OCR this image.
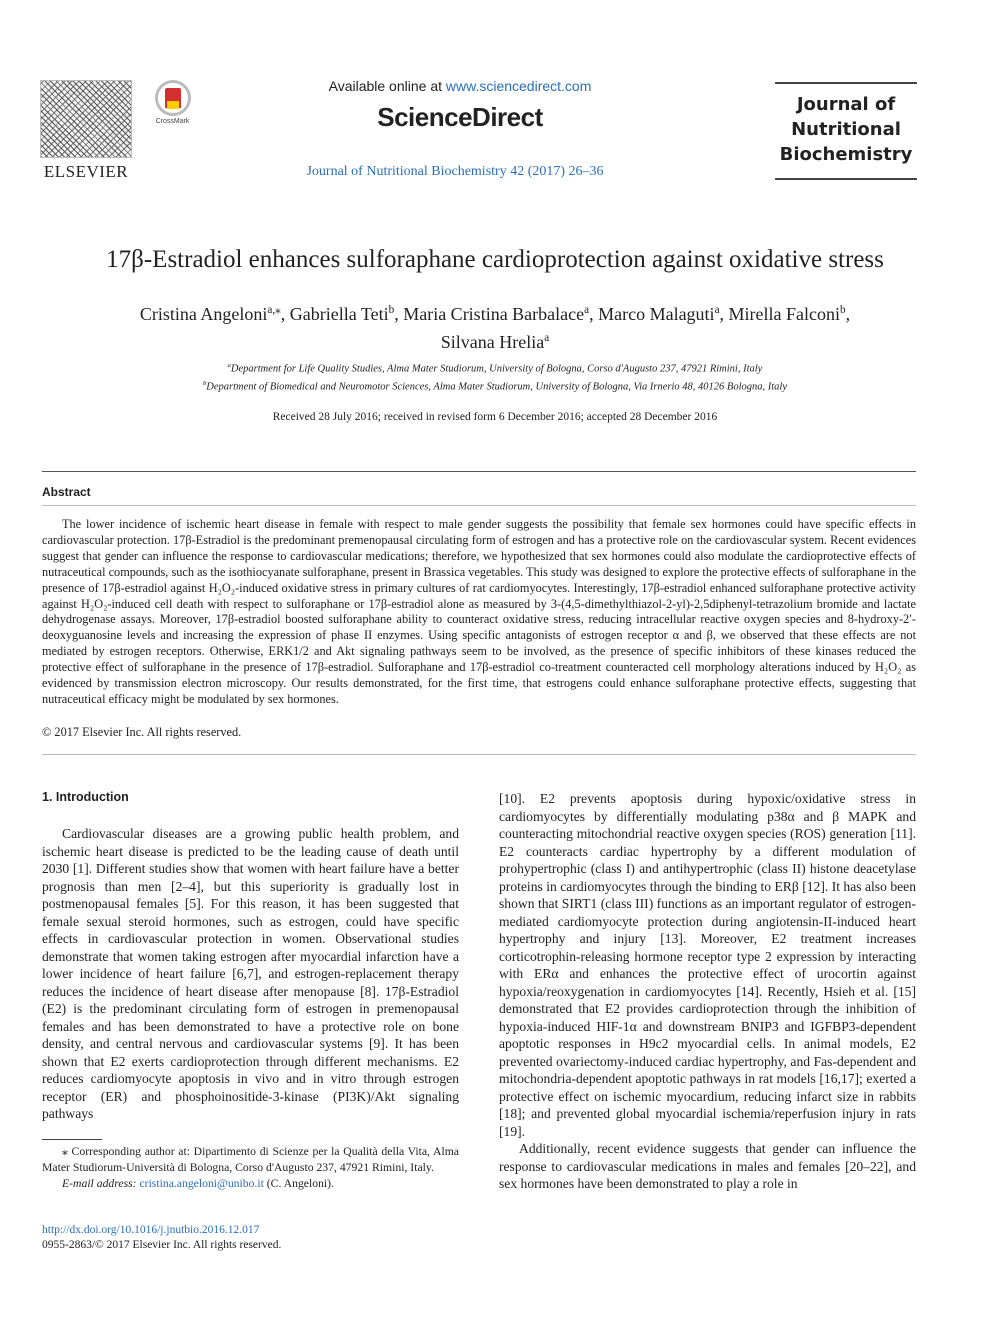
ELSEVIER
CrossMark
Available online at www.sciencedirect.com
ScienceDirect
Journal of Nutritional Biochemistry 42 (2017) 26–36
Journal of
Nutritional
Biochemistry
17β-Estradiol enhances sulforaphane cardioprotection against oxidative stress
Cristina Angeloni$^{a,⁎}$, Gabriella Teti$^b$, Maria Cristina Barbalace$^a$, Marco Malaguti$^a$, Mirella Falconi$^b$,
Silvana Hrelia$^a$
$^a$Department for Life Quality Studies, Alma Mater Studiorum, University of Bologna, Corso d'Augusto 237, 47921 Rimini, Italy
$^b$Department of Biomedical and Neuromotor Sciences, Alma Mater Studiorum, University of Bologna, Via Irnerio 48, 40126 Bologna, Italy
Received 28 July 2016; received in revised form 6 December 2016; accepted 28 December 2016
Abstract

The lower incidence of ischemic heart disease in female with respect to male gender suggests the possibility that female sex hormones could have specific effects in cardiovascular protection. 17β-Estradiol is the predominant premenopausal circulating form of estrogen and has a protective role on the cardiovascular system. Recent evidences suggest that gender can influence the response to cardiovascular medications; therefore, we hypothesized that sex hormones could also modulate the cardioprotective effects of nutraceutical compounds, such as the isothiocyanate sulforaphane, present in Brassica vegetables. This study was designed to explore the protective effects of sulforaphane in the presence of 17β-estradiol against H₂O₂-induced oxidative stress in primary cultures of rat cardiomyocytes. Interestingly, 17β-estradiol enhanced sulforaphane protective activity against H₂O₂-induced cell death with respect to sulforaphane or 17β-estradiol alone as measured by 3-(4,5-dimethylthiazol-2-yl)-2,5diphenyl-tetrazolium bromide and lactate dehydrogenase assays. Moreover, 17β-estradiol boosted sulforaphane ability to counteract oxidative stress, reducing intracellular reactive oxygen species and 8-hydroxy-2′-deoxyguanosine levels and increasing the expression of phase II enzymes. Using specific antagonists of estrogen receptor α and β, we observed that these effects are not mediated by estrogen receptors. Otherwise, ERK1/2 and Akt signaling pathways seem to be involved, as the presence of specific inhibitors of these kinases reduced the protective effect of sulforaphane in the presence of 17β-estradiol. Sulforaphane and 17β-estradiol co-treatment counteracted cell morphology alterations induced by H₂O₂ as evidenced by transmission electron microscopy. Our results demonstrated, for the first time, that estrogens could enhance sulforaphane protective effects, suggesting that nutraceutical efficacy might be modulated by sex hormones.

© 2017 Elsevier Inc. All rights reserved.
1. Introduction

Cardiovascular diseases are a growing public health problem, and ischemic heart disease is predicted to be the leading cause of death until 2030 [1]. Different studies show that women with heart failure have a better prognosis than men [2–4], but this superiority is gradually lost in postmenopausal females [5]. For this reason, it has been suggested that female sexual steroid hormones, such as estrogen, could have specific effects in cardiovascular protection in women. Observational studies demonstrate that women taking estrogen after myocardial infarction have a lower incidence of heart failure [6,7], and estrogen-replacement therapy reduces the incidence of heart disease after menopause [8]. 17β-Estradiol (E2) is the predominant circulating form of estrogen in premenopausal females and has been demonstrated to have a protective role on bone density, and central nervous and cardiovascular systems [9]. It has been shown that E2 exerts cardioprotection through different mechanisms. E2 reduces cardiomyocyte apoptosis in vivo and in vitro through estrogen receptor (ER) and phosphoinositide-3-kinase (PI3K)/Akt signaling pathways

[10]. E2 prevents apoptosis during hypoxic/oxidative stress in cardiomyocytes by differentially modulating p38α and β MAPK and counteracting mitochondrial reactive oxygen species (ROS) generation [11]. E2 counteracts cardiac hypertrophy by a different modulation of prohypertrophic (class I) and antihypertrophic (class II) histone deacetylase proteins in cardiomyocytes through the binding to ERβ [12]. It has also been shown that SIRT1 (class III) functions as an important regulator of estrogen-mediated cardiomyocyte protection during angiotensin-II-induced heart hypertrophy and injury [13]. Moreover, E2 treatment increases corticotrophin-releasing hormone receptor type 2 expression by interacting with ERα and enhances the protective effect of urocortin against hypoxia/reoxygenation in cardiomyocytes [14]. Recently, Hsieh et al. [15] demonstrated that E2 provides cardioprotection through the inhibition of hypoxia-induced HIF-1α and downstream BNIP3 and IGFBP3-dependent apoptotic responses in H9c2 myocardial cells. In animal models, E2 prevented ovariectomy-induced cardiac hypertrophy, and Fas-dependent and mitochondria-dependent apoptotic pathways in rat models [16,17]; exerted a protective effect on ischemic myocardium, reducing infarct size in rabbits [18]; and prevented global myocardial ischemia/reperfusion injury in rats [19].

Additionally, recent evidence suggests that gender can influence the response to cardiovascular medications in males and females [20–22], and sex hormones have been demonstrated to play a role in

⁎ Corresponding author at: Dipartimento di Scienze per la Qualità della Vita, Alma Mater Studiorum-Università di Bologna, Corso d'Augusto 237, 47921 Rimini, Italy.

E-mail address: cristina.angeloni@unibo.it (C. Angeloni).

http://dx.doi.org/10.1016/j.jnutbio.2016.12.017
0955-2863/© 2017 Elsevier Inc. All rights reserved.
